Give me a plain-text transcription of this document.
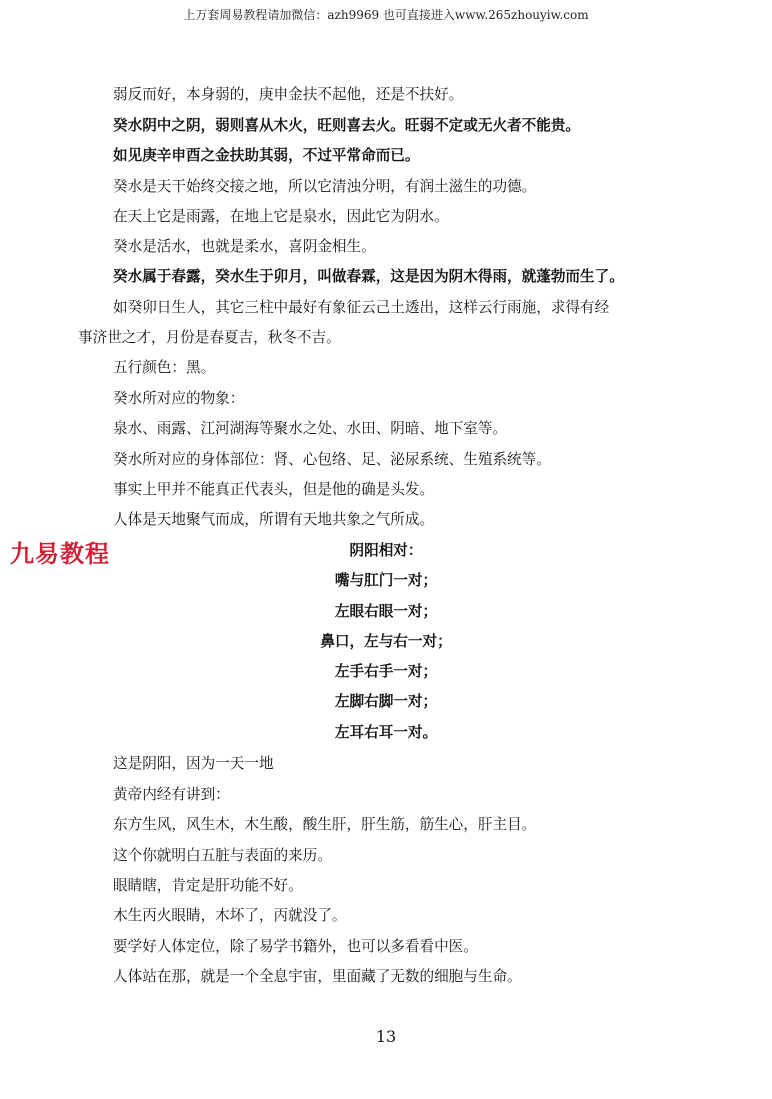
上万套周易教程请加微信：azh9969 也可直接进入www.265zhouyiw.com
弱反而好，本身弱的，庚申金扶不起他，还是不扶好。
癸水阴中之阴，弱则喜从木火，旺则喜去火。旺弱不定或无火者不能贵。
如见庚辛申酉之金扶助其弱，不过平常命而已。
癸水是天干始终交接之地，所以它清浊分明，有润土滋生的功德。
在天上它是雨露，在地上它是泉水，因此它为阴水。
癸水是活水，也就是柔水，喜阴金相生。
癸水属于春露，癸水生于卯月，叫做春霖，这是因为阴木得雨，就蓬勃而生了。
如癸卯日生人，其它三柱中最好有象征云己土透出，这样云行雨施，求得有经
事济世之才，月份是春夏吉，秋冬不吉。
五行颜色：黑。
癸水所对应的物象：
泉水、雨露、江河湖海等聚水之处、水田、阴暗、地下室等。
癸水所对应的身体部位：肾、心包络、足、泌尿系统、生殖系统等。
事实上甲并不能真正代表头，但是他的确是头发。
人体是天地聚气而成，所谓有天地共象之气所成。
九易教程	阴阳相对：
嘴与肛门一对；
左眼右眼一对；
鼻口，左与右一对；
左手右手一对；
左脚右脚一对；
左耳右耳一对。
这是阴阳，因为一天一地
黄帝内经有讲到：
东方生风，风生木，木生酸，酸生肝，肝生筋，筋生心，肝主目。
这个你就明白五脏与表面的来历。
眼睛瞎，肯定是肝功能不好。
木生丙火眼睛，木坏了，丙就没了。
要学好人体定位，除了易学书籍外，也可以多看看中医。
人体站在那，就是一个全息宇宙，里面藏了无数的细胞与生命。
13
